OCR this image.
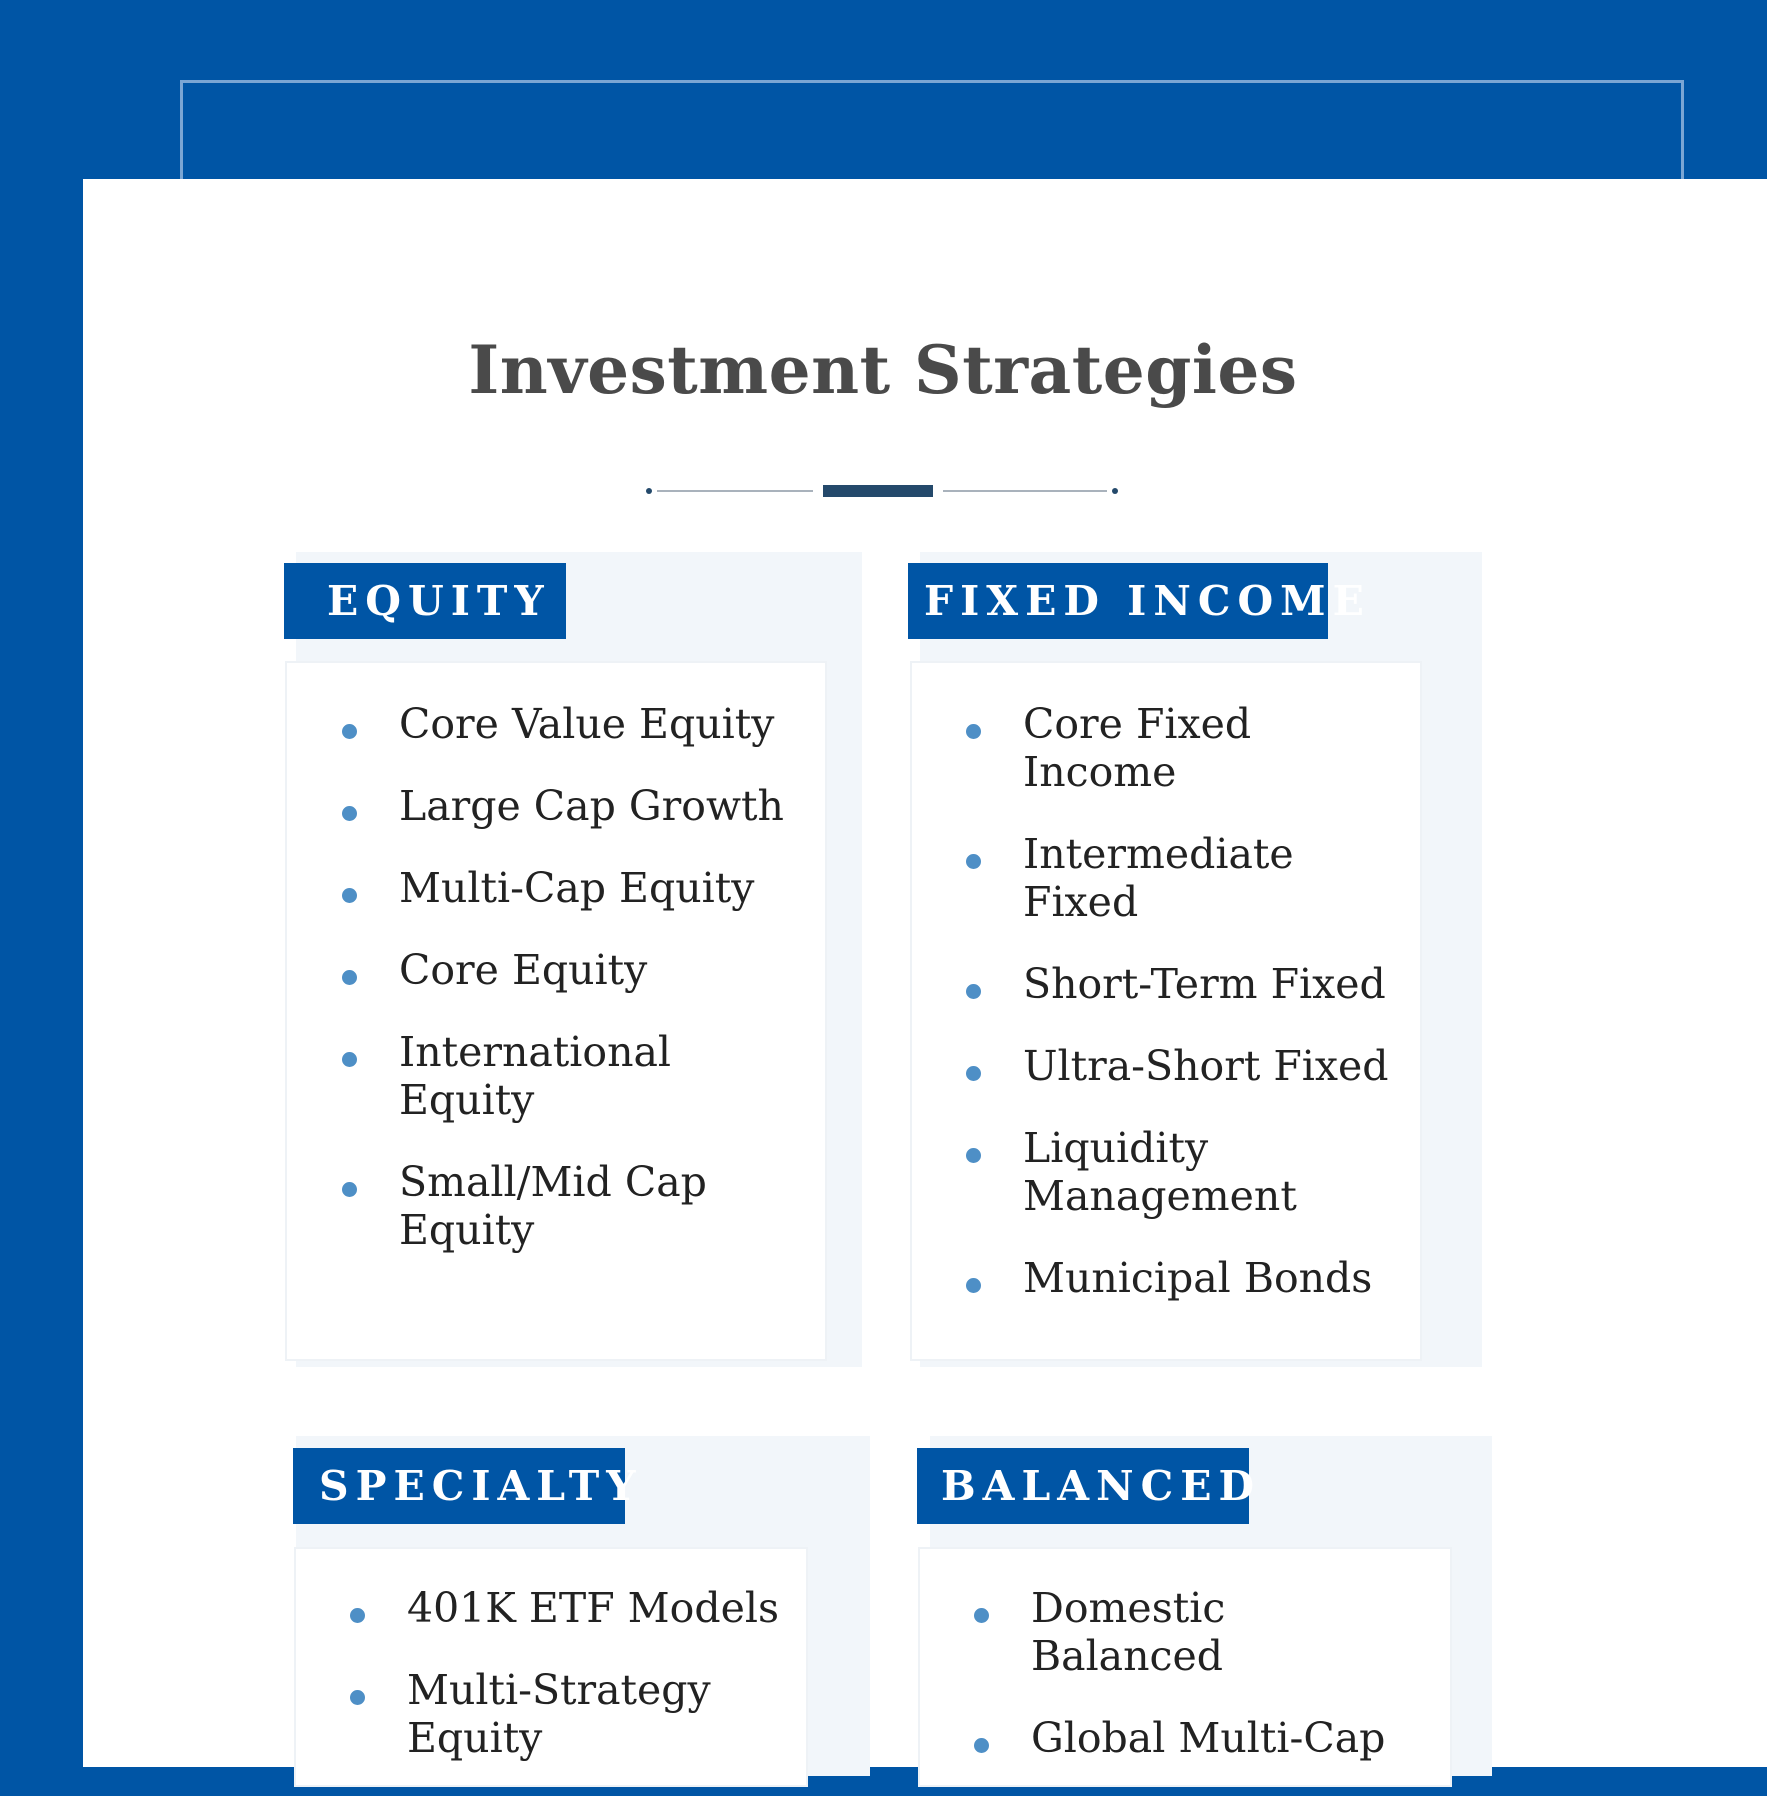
Investment Strategies
EQUITY
Core Value Equity
Large Cap Growth
Multi-Cap Equity
Core Equity
International Equity
Small/Mid Cap Equity
FIXED INCOME
Core Fixed Income
Intermediate Fixed
Short-Term Fixed
Ultra-Short Fixed
Liquidity Management
Municipal Bonds
SPECIALTY
401K ETF Models
Multi-Strategy Equity
BALANCED
Domestic Balanced
Global Multi-Cap
